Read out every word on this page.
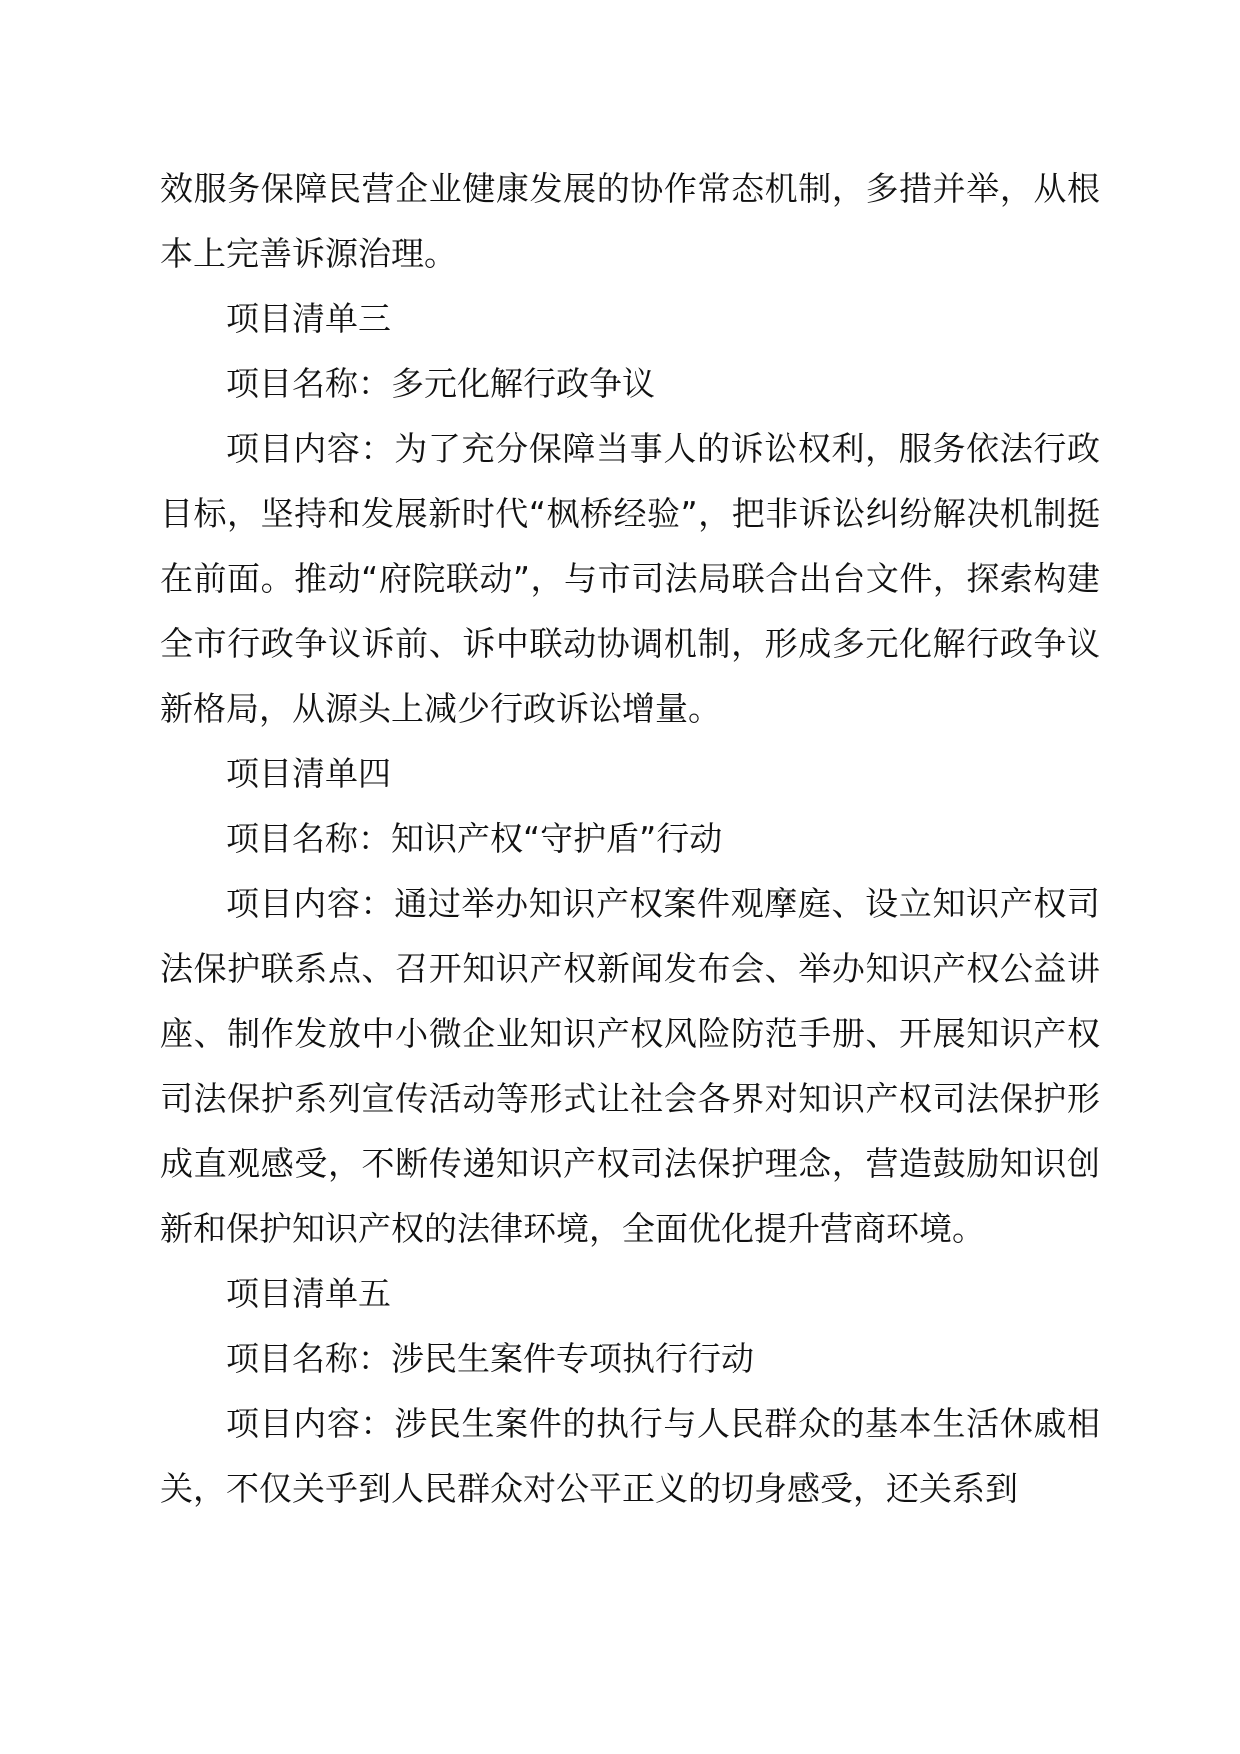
效服务保障民营企业健康发展的协作常态机制，多措并举，从根本上完善诉源治理。

项目清单三

项目名称：多元化解行政争议

项目内容：为了充分保障当事人的诉讼权利，服务依法行政目标，坚持和发展新时代“枫桥经验”，把非诉讼纠纷解决机制挺在前面。推动“府院联动”，与市司法局联合出台文件，探索构建全市行政争议诉前、诉中联动协调机制，形成多元化解行政争议新格局，从源头上减少行政诉讼增量。

项目清单四

项目名称：知识产权“守护盾”行动

项目内容：通过举办知识产权案件观摩庭、设立知识产权司法保护联系点、召开知识产权新闻发布会、举办知识产权公益讲座、制作发放中小微企业知识产权风险防范手册、开展知识产权司法保护系列宣传活动等形式让社会各界对知识产权司法保护形成直观感受，不断传递知识产权司法保护理念，营造鼓励知识创新和保护知识产权的法律环境，全面优化提升营商环境。

项目清单五

项目名称：涉民生案件专项执行行动

项目内容：涉民生案件的执行与人民群众的基本生活休戚相关，不仅关乎到人民群众对公平正义的切身感受，还关系到
